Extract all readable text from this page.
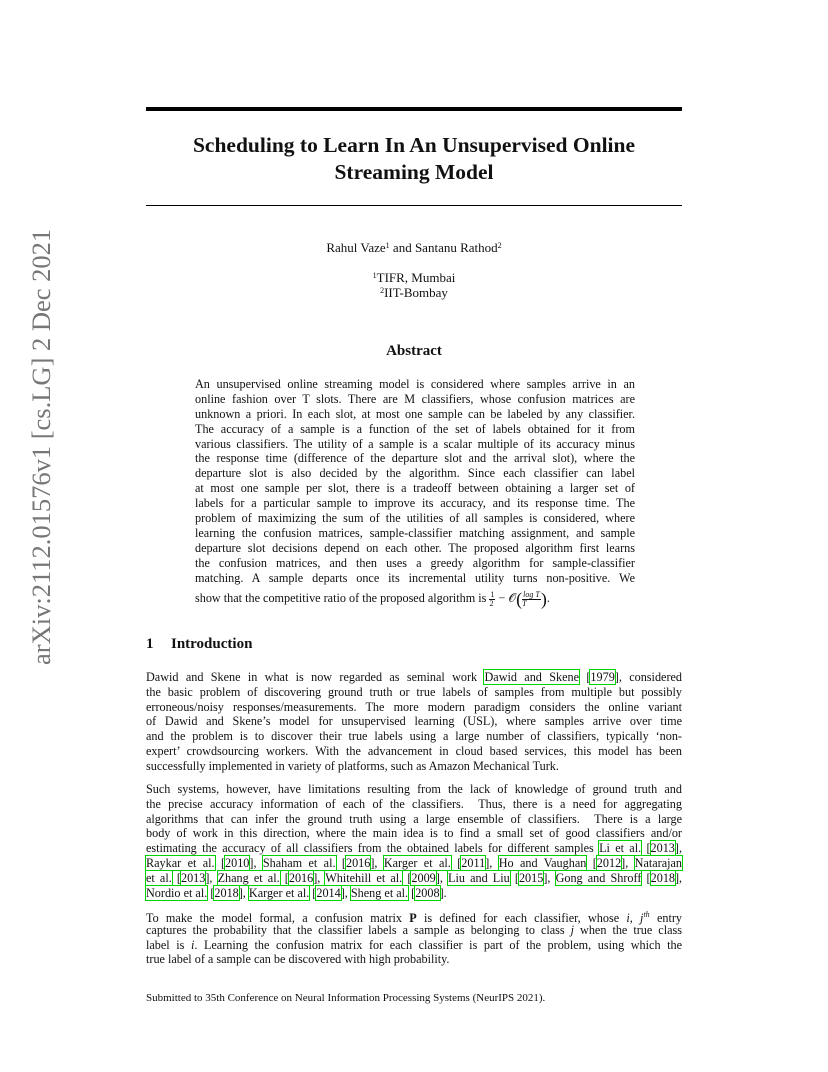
arXiv:2112.01576v1 [cs.LG] 2 Dec 2021
Scheduling to Learn In An Unsupervised Online
Streaming Model
Rahul Vaze$^1$ and Santanu Rathod$^2$
$^1$TIFR, Mumbai
$^2$IIT-Bombay
Abstract
An unsupervised online streaming model is considered where samples arrive in an
online fashion over T slots. There are M classifiers, whose confusion matrices are
unknown a priori. In each slot, at most one sample can be labeled by any classifier.
The accuracy of a sample is a function of the set of labels obtained for it from
various classifiers. The utility of a sample is a scalar multiple of its accuracy minus
the response time (difference of the departure slot and the arrival slot), where the
departure slot is also decided by the algorithm. Since each classifier can label
at most one sample per slot, there is a tradeoff between obtaining a larger set of
labels for a particular sample to improve its accuracy, and its response time. The
problem of maximizing the sum of the utilities of all samples is considered, where
learning the confusion matrices, sample-classifier matching assignment, and sample
departure slot decisions depend on each other. The proposed algorithm first learns
the confusion matrices, and then uses a greedy algorithm for sample-classifier
matching. A sample departs once its incremental utility turns non-positive. We
show that the competitive ratio of the proposed algorithm is $\frac{1}{2}$ − 𝒪( $\frac{\text{log T}}{T}$ ).
1 Introduction
Dawid and Skene in what is now regarded as seminal work Dawid and Skene [1979], considered
the basic problem of discovering ground truth or true labels of samples from multiple but possibly
erroneous/noisy responses/measurements. The more modern paradigm considers the online variant
of Dawid and Skene’s model for unsupervised learning (USL), where samples arrive over time
and the problem is to discover their true labels using a large number of classifiers, typically ‘non-
expert’ crowdsourcing workers. With the advancement in cloud based services, this model has been
successfully implemented in variety of platforms, such as Amazon Mechanical Turk.
Such systems, however, have limitations resulting from the lack of knowledge of ground truth and
the precise accuracy information of each of the classifiers.  Thus, there is a need for aggregating
algorithms that can infer the ground truth using a large ensemble of classifiers.  There is a large
body of work in this direction, where the main idea is to find a small set of good classifiers and/or
estimating the accuracy of all classifiers from the obtained labels for different samples Li et al. [2013],
Raykar et al. [2010], Shaham et al. [2016], Karger et al. [2011], Ho and Vaughan [2012], Natarajan
et al. [2013], Zhang et al. [2016], Whitehill et al. [2009], Liu and Liu [2015], Gong and Shroff [2018],
Nordio et al. [2018], Karger et al. [2014], Sheng et al. [2008].
To make the model formal, a confusion matrix P is defined for each classifier, whose i, $j^{th}$ entry
captures the probability that the classifier labels a sample as belonging to class j when the true class
label is i. Learning the confusion matrix for each classifier is part of the problem, using which the
true label of a sample can be discovered with high probability.
Submitted to 35th Conference on Neural Information Processing Systems (NeurIPS 2021).
